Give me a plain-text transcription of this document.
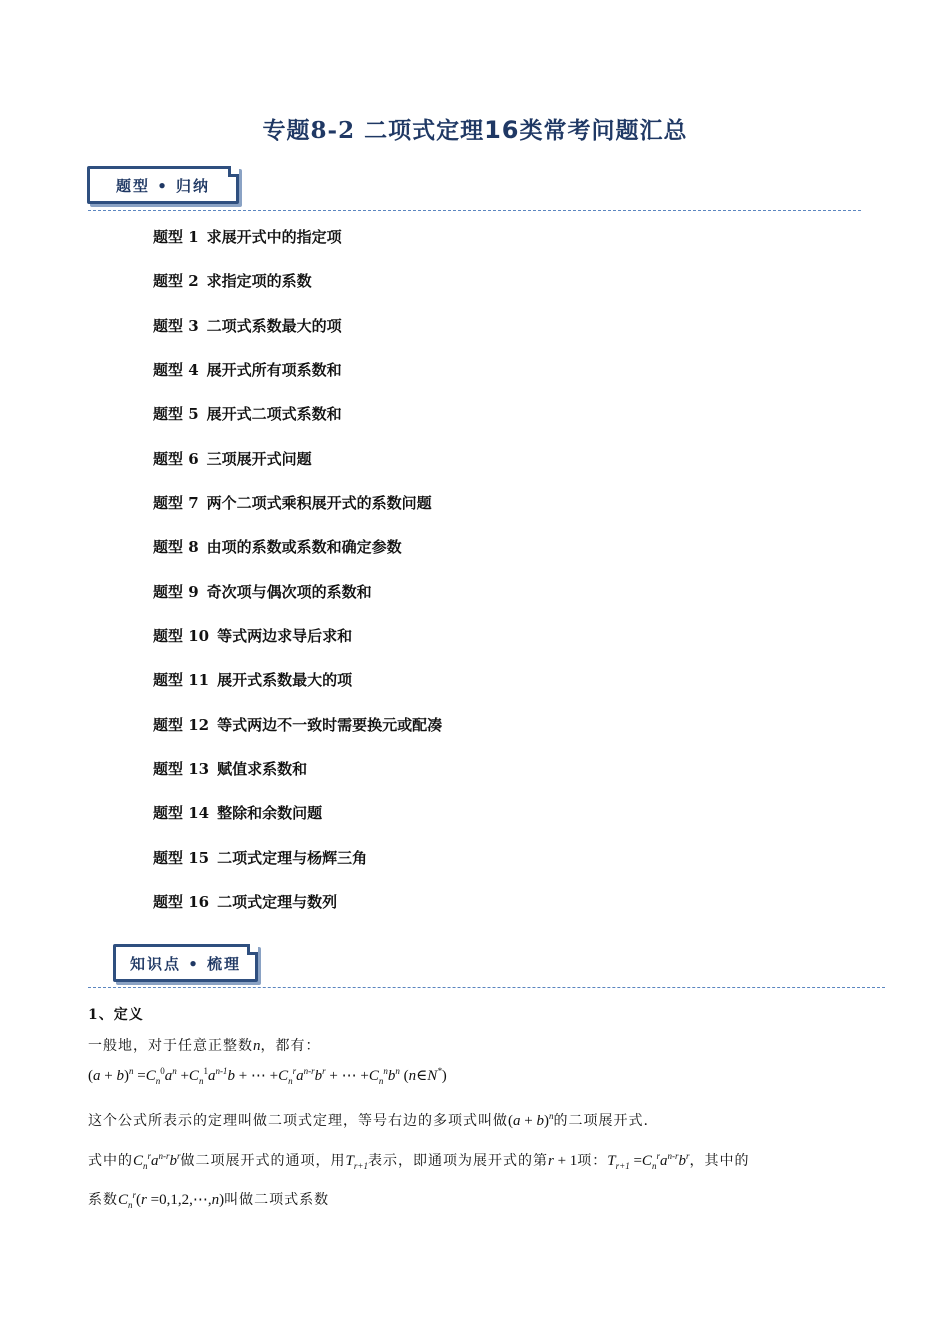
专题8-2 二项式定理16类常考问题汇总
题型 • 归纳
题型 1 求展开式中的指定项
题型 2 求指定项的系数
题型 3 二项式系数最大的项
题型 4 展开式所有项系数和
题型 5 展开式二项式系数和
题型 6 三项展开式问题
题型 7 两个二项式乘积展开式的系数问题
题型 8 由项的系数或系数和确定参数
题型 9 奇次项与偶次项的系数和
题型 10 等式两边求导后求和
题型 11 展开式系数最大的项
题型 12 等式两边不一致时需要换元或配凑
题型 13 赋值求系数和
题型 14 整除和余数问题
题型 15 二项式定理与杨辉三角
题型 16 二项式定理与数列
知识点 • 梳理
1、定义
一般地，对于任意正整数n，都有：
$(a + b)^n =C_n^0a^n +C_n^1a^{n-1}b$ + ⋯ $+C_n^ra^{n-r}b^r$ + ⋯ $+C_n^nb^n$ (n∈N*)
这个公式所表示的定理叫做二项式定理，等号右边的多项式叫做$(a + b)^n$的二项展开式.
式中的$C_n^ra^{n-r}b^r$做二项展开式的通项，用$T_{r+1}$表示，即通项为展开式的第r + 1项：$T_{r+1} =C_n^ra^{n-r}b^r$，其中的
系数$C_n^r(r$ =0,1,2,⋯,n)叫做二项式系数
